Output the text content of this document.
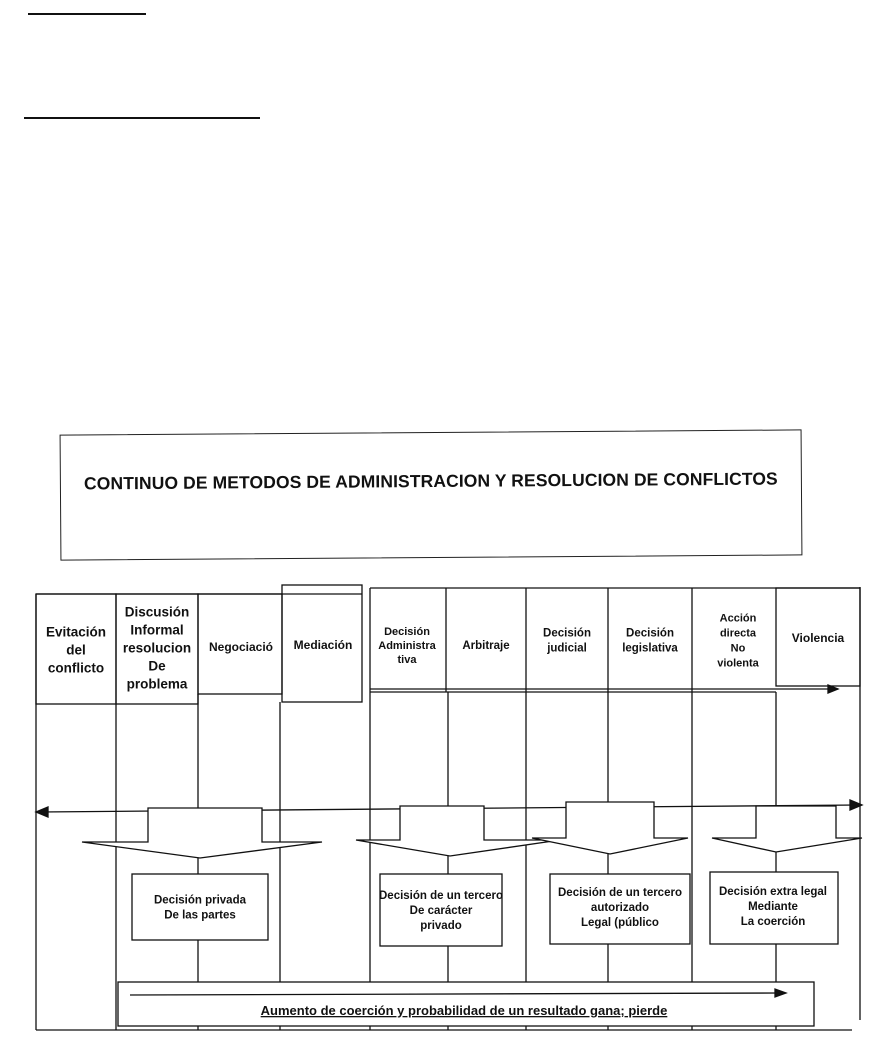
CONTINUO DE METODOS DE ADMINISTRACION Y RESOLUCION DE CONFLICTOS
Aumento de coerción y probabilidad de un resultado gana; pierde
Evitación del conflicto
Discusión Informal resolucion De problema
Negociació Mediación
Decisión Administra tiva
Arbitraje
Decisión judicial
Decisión legislativa
Acción directa No violenta
Violencia
Decisión privada De las partes
Decisión de un tercero De carácter privado
Decisión de un tercero autorizado Legal (público
Decisión extra legal Mediante La coerción
